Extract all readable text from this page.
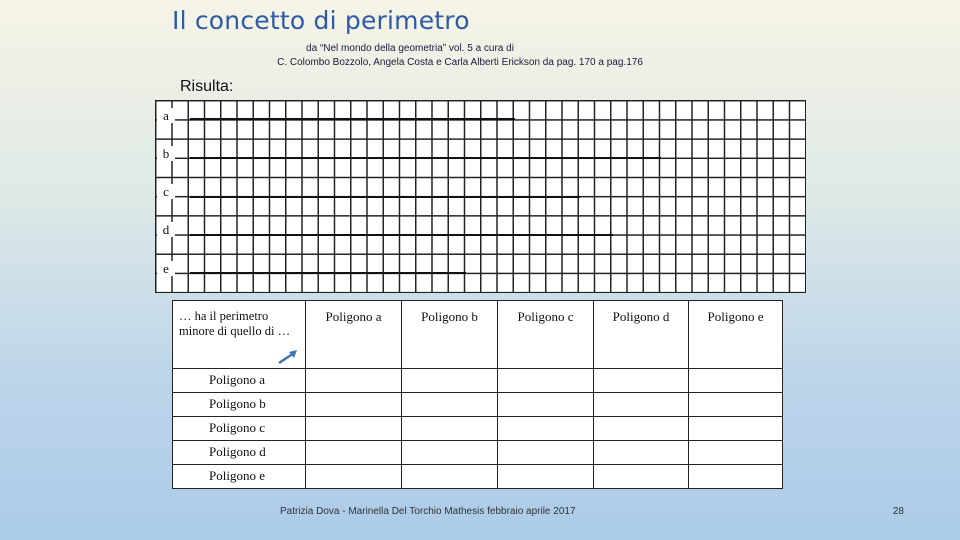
Il concetto di perimetro
da “Nel mondo della geometria” vol. 5 a cura di
C. Colombo Bozzolo, Angela Costa e Carla Alberti Erickson da pag. 170 a pag.176
Risulta:
a
b
c
d
e
… ha il perimetro minore di quello di …	Poligono a	Poligono b	Poligono c	Poligono d	Poligono e
Poligono a					
Poligono b					
Poligono c					
Poligono d					
Poligono e					
Patrizia Dova - Marinella Del Torchio Mathesis febbraio aprile 2017	28
